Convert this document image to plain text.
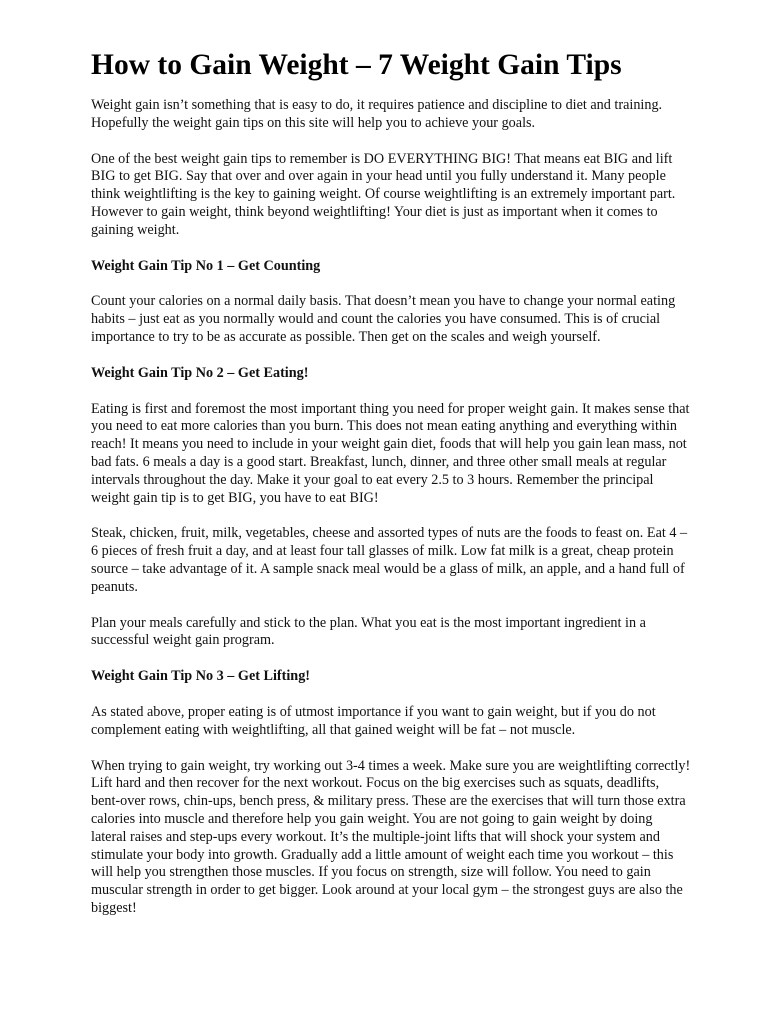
How to Gain Weight – 7 Weight Gain Tips

Weight gain isn’t something that is easy to do, it requires patience and discipline to diet and training. Hopefully the weight gain tips on this site will help you to achieve your goals.

One of the best weight gain tips to remember is DO EVERYTHING BIG! That means eat BIG and lift BIG to get BIG. Say that over and over again in your head until you fully understand it. Many people think weightlifting is the key to gaining weight. Of course weightlifting is an extremely important part. However to gain weight, think beyond weightlifting! Your diet is just as important when it comes to gaining weight.

Weight Gain Tip No 1 – Get Counting

Count your calories on a normal daily basis. That doesn’t mean you have to change your normal eating habits – just eat as you normally would and count the calories you have consumed. This is of crucial importance to try to be as accurate as possible. Then get on the scales and weigh yourself.

Weight Gain Tip No 2 – Get Eating!

Eating is first and foremost the most important thing you need for proper weight gain. It makes sense that you need to eat more calories than you burn. This does not mean eating anything and everything within reach! It means you need to include in your weight gain diet, foods that will help you gain lean mass, not bad fats. 6 meals a day is a good start. Breakfast, lunch, dinner, and three other small meals at regular intervals throughout the day. Make it your goal to eat every 2.5 to 3 hours. Remember the principal weight gain tip is to get BIG, you have to eat BIG!

Steak, chicken, fruit, milk, vegetables, cheese and assorted types of nuts are the foods to feast on. Eat 4 – 6 pieces of fresh fruit a day, and at least four tall glasses of milk. Low fat milk is a great, cheap protein source – take advantage of it. A sample snack meal would be a glass of milk, an apple, and a hand full of peanuts.

Plan your meals carefully and stick to the plan. What you eat is the most important ingredient in a successful weight gain program.

Weight Gain Tip No 3 – Get Lifting!

As stated above, proper eating is of utmost importance if you want to gain weight, but if you do not complement eating with weightlifting, all that gained weight will be fat – not muscle.

When trying to gain weight, try working out 3-4 times a week. Make sure you are weightlifting correctly! Lift hard and then recover for the next workout. Focus on the big exercises such as squats, deadlifts, bent-over rows, chin-ups, bench press, & military press. These are the exercises that will turn those extra calories into muscle and therefore help you gain weight. You are not going to gain weight by doing lateral raises and step-ups every workout. It’s the multiple-joint lifts that will shock your system and stimulate your body into growth. Gradually add a little amount of weight each time you workout – this will help you strengthen those muscles. If you focus on strength, size will follow. You need to gain muscular strength in order to get bigger. Look around at your local gym – the strongest guys are also the biggest!
